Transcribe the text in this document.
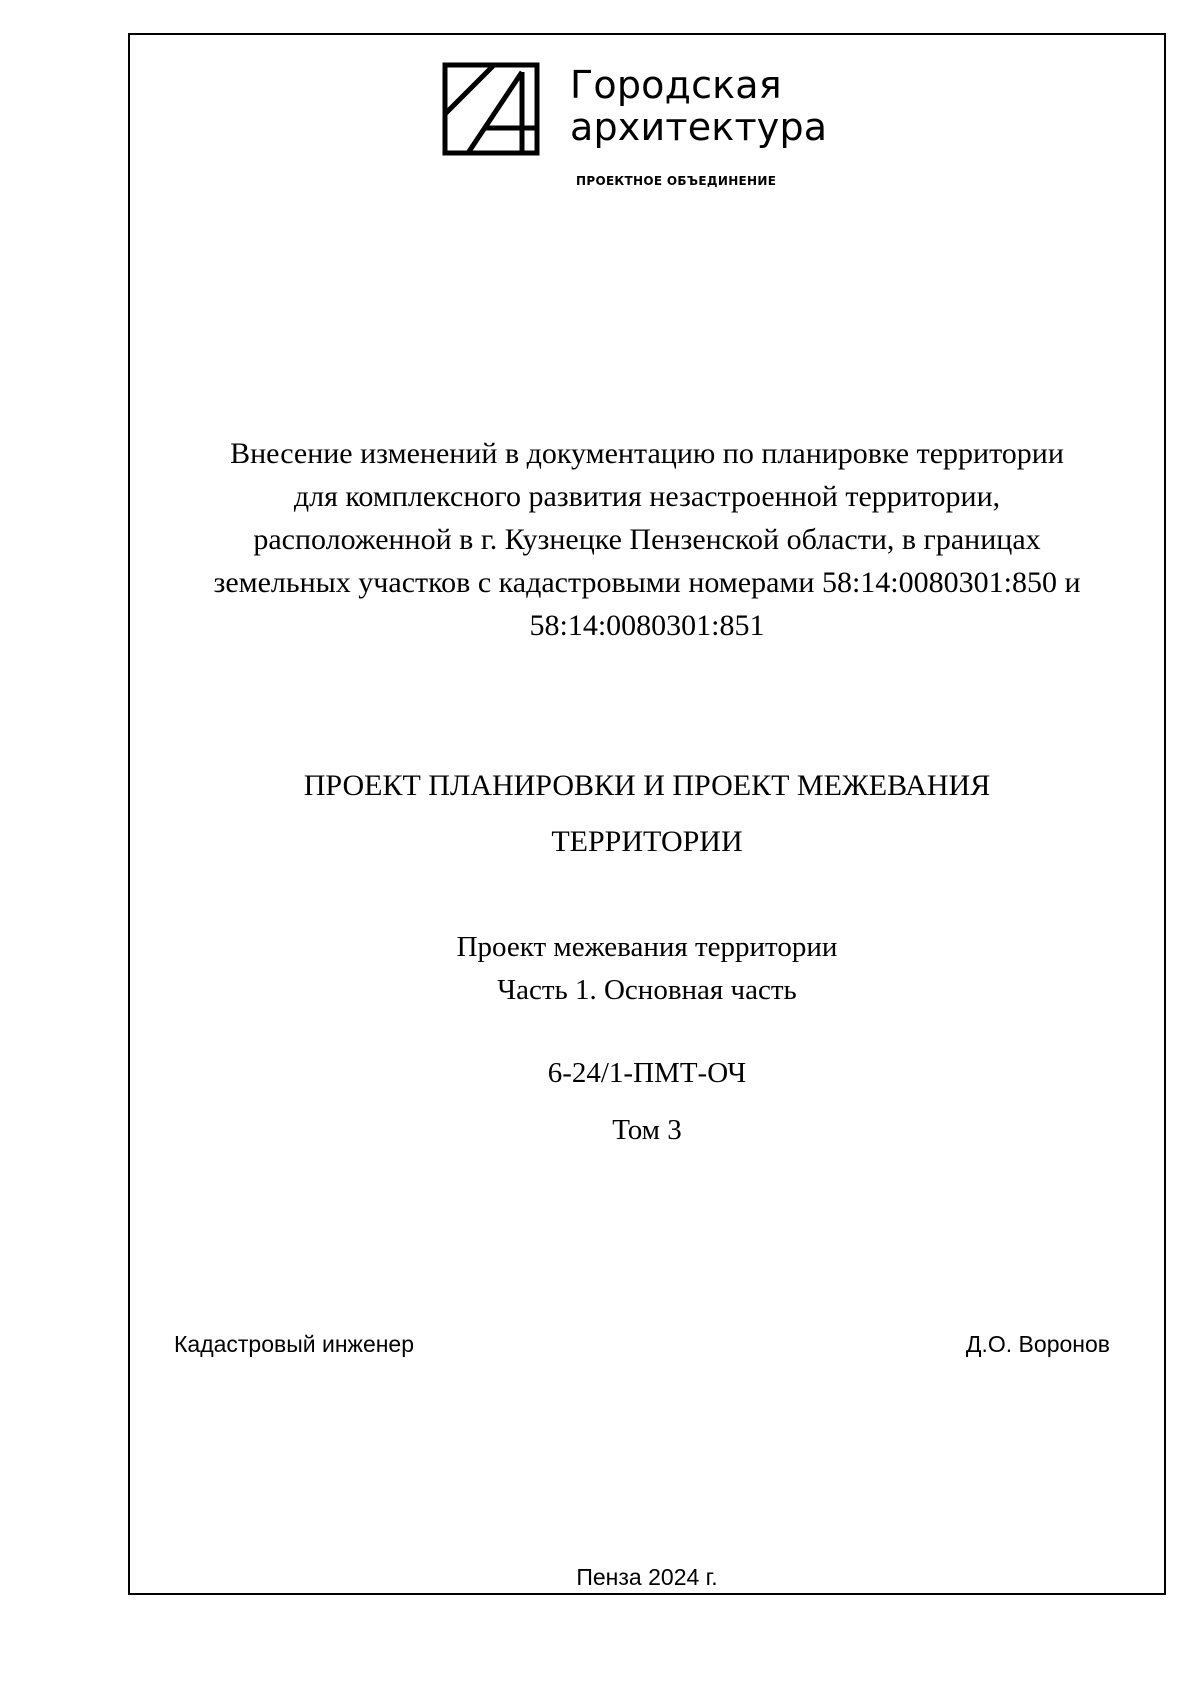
Городская
архитектура
ПРОЕКТНОЕ ОБЪЕДИНЕНИЕ
Внесение изменений в документацию по планировке территории
для комплексного развития незастроенной территории,
расположенной в г. Кузнецке Пензенской области, в границах
земельных участков с кадастровыми номерами 58:14:0080301:850 и
58:14:0080301:851
ПРОЕКТ ПЛАНИРОВКИ И ПРОЕКТ МЕЖЕВАНИЯ
ТЕРРИТОРИИ
Проект межевания территории
Часть 1. Основная часть
6-24/1-ПМТ-ОЧ
Том 3
Кадастровый инженер	Д.О. Воронов
Пенза 2024 г.
